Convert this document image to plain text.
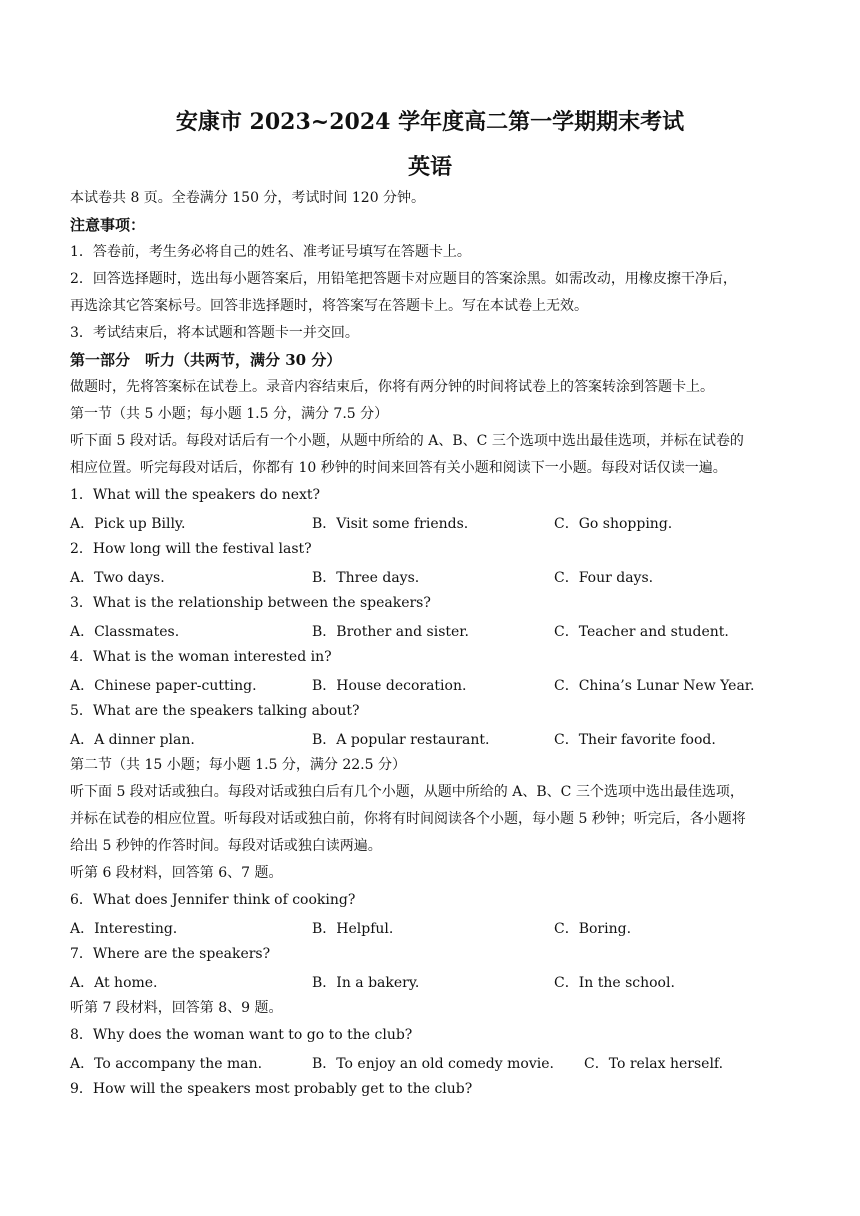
安康市 2023~2024 学年度高二第一学期期末考试
英语
本试卷共 8 页。全卷满分 150 分，考试时间 120 分钟。
注意事项：
1．答卷前，考生务必将自己的姓名、准考证号填写在答题卡上。
2．回答选择题时，选出每小题答案后，用铅笔把答题卡对应题目的答案涂黑。如需改动，用橡皮擦干净后，
再选涂其它答案标号。回答非选择题时，将答案写在答题卡上。写在本试卷上无效。
3．考试结束后，将本试题和答题卡一并交回。
第一部分　听力（共两节，满分 30 分）
做题时，先将答案标在试卷上。录音内容结束后，你将有两分钟的时间将试卷上的答案转涂到答题卡上。
第一节（共 5 小题；每小题 1.5 分，满分 7.5 分）
听下面 5 段对话。每段对话后有一个小题，从题中所给的 A、B、C 三个选项中选出最佳选项，并标在试卷的
相应位置。听完每段对话后，你都有 10 秒钟的时间来回答有关小题和阅读下一小题。每段对话仅读一遍。
1．What will the speakers do next?
A．Pick up Billy.	B．Visit some friends.	C．Go shopping.
2．How long will the festival last?
A．Two days.	B．Three days.	C．Four days.
3．What is the relationship between the speakers?
A．Classmates.	B．Brother and sister.	C．Teacher and student.
4．What is the woman interested in?
A．Chinese paper-cutting.	B．House decoration.	C．China’s Lunar New Year.
5．What are the speakers talking about?
A．A dinner plan.	B．A popular restaurant.	C．Their favorite food.
第二节（共 15 小题；每小题 1.5 分，满分 22.5 分）
听下面 5 段对话或独白。每段对话或独白后有几个小题，从题中所给的 A、B、C 三个选项中选出最佳选项，
并标在试卷的相应位置。听每段对话或独白前，你将有时间阅读各个小题，每小题 5 秒钟；听完后，各小题将
给出 5 秒钟的作答时间。每段对话或独白读两遍。
听第 6 段材料，回答第 6、7 题。
6．What does Jennifer think of cooking?
A．Interesting.	B．Helpful.	C．Boring.
7．Where are the speakers?
A．At home.	B．In a bakery.	C．In the school.
听第 7 段材料，回答第 8、9 题。
8．Why does the woman want to go to the club?
A．To accompany the man.	B．To enjoy an old comedy movie. C．To relax herself.
9．How will the speakers most probably get to the club?
